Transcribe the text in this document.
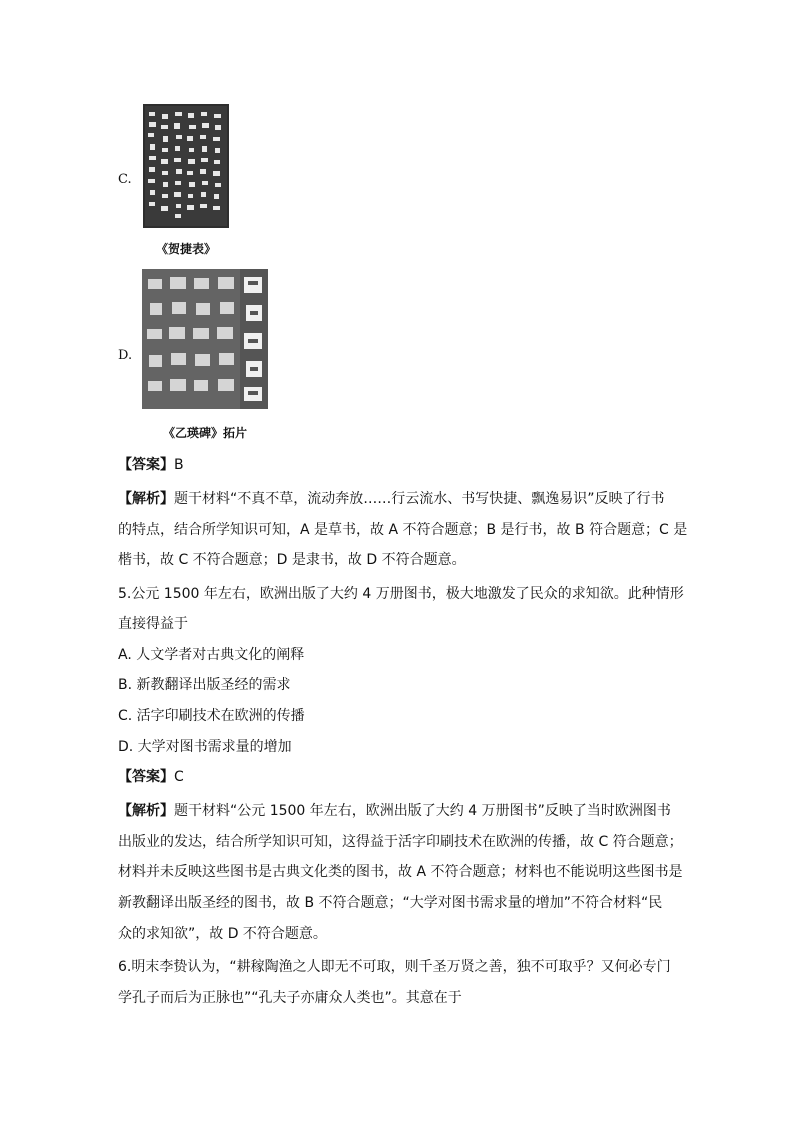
C.
《贺捷表》
D.
《乙瑛碑》拓片
【答案】B
【解析】题干材料“不真不草，流动奔放……行云流水、书写快捷、飘逸易识”反映了行书
的特点，结合所学知识可知，A 是草书，故 A 不符合题意；B 是行书，故 B 符合题意；C 是
楷书，故 C 不符合题意；D 是隶书，故 D 不符合题意。
5.公元 1500 年左右，欧洲出版了大约 4 万册图书，极大地激发了民众的求知欲。此种情形
直接得益于
A. 人文学者对古典文化的阐释
B. 新教翻译出版圣经的需求
C. 活字印刷技术在欧洲的传播
D. 大学对图书需求量的增加
【答案】C
【解析】题干材料“公元 1500 年左右，欧洲出版了大约 4 万册图书”反映了当时欧洲图书
出版业的发达，结合所学知识可知，这得益于活字印刷技术在欧洲的传播，故 C 符合题意；
材料并未反映这些图书是古典文化类的图书，故 A 不符合题意；材料也不能说明这些图书是
新教翻译出版圣经的图书，故 B 不符合题意；“大学对图书需求量的增加”不符合材料“民
众的求知欲”，故 D 不符合题意。
6.明末李贽认为，“耕稼陶渔之人即无不可取，则千圣万贤之善，独不可取乎？又何必专门
学孔子而后为正脉也”“孔夫子亦庸众人类也”。其意在于
